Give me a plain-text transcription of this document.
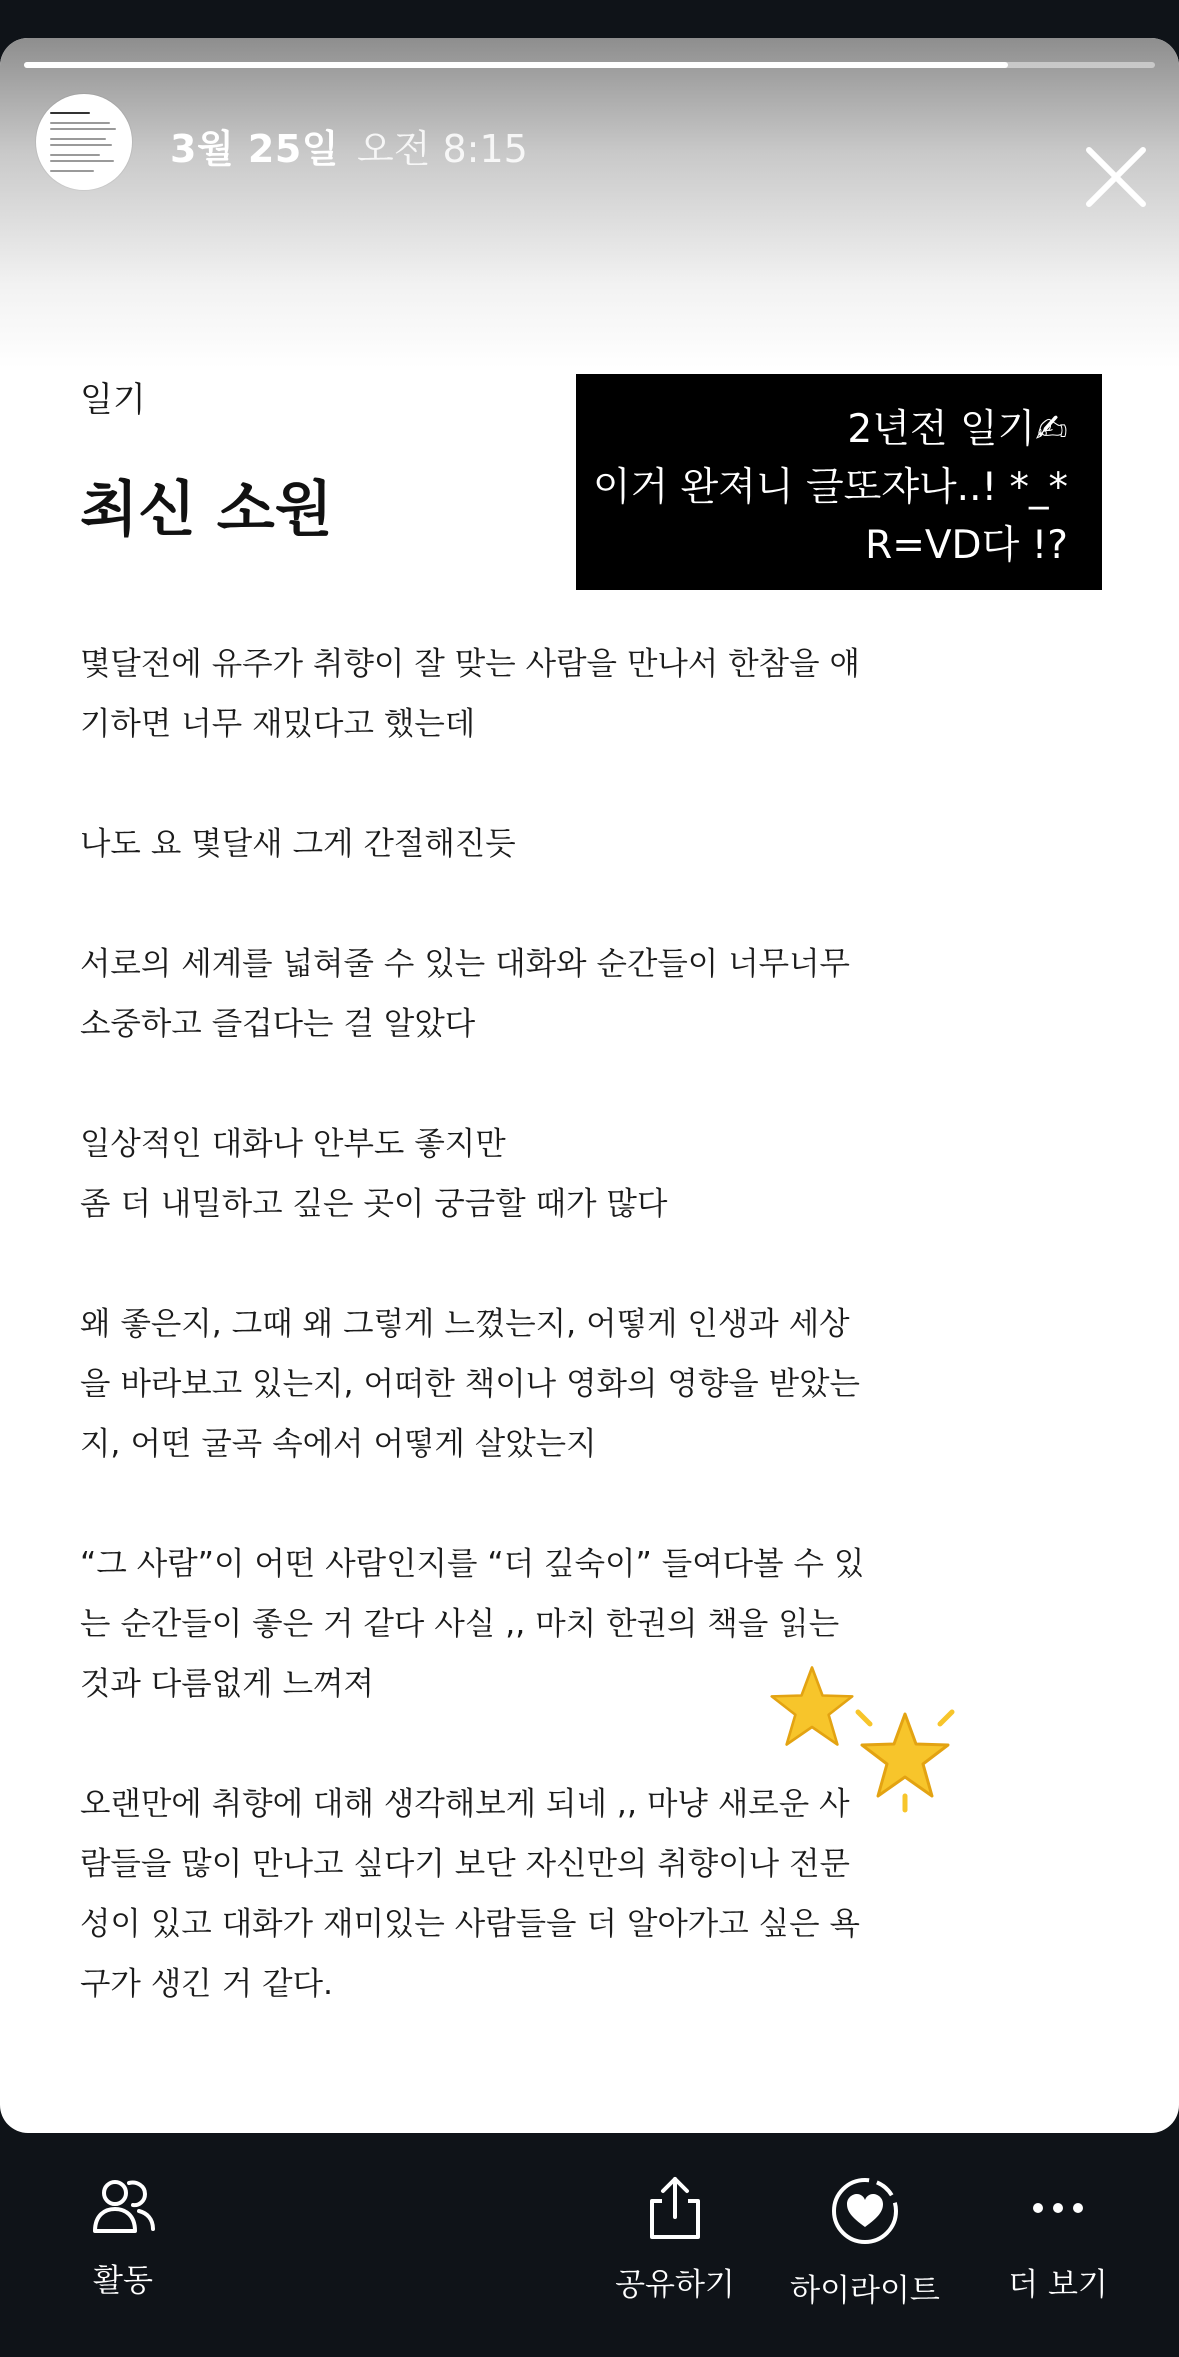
3월 25일 오전 8:15
일기
최신 소원
2년전 일기✍
이거 완져니 글또쟈나..! *_*
R=VD다 !?
몇달전에 유주가 취향이 잘 맞는 사람을 만나서 한참을 얘
기하면 너무 재밌다고 했는데
나도 요 몇달새 그게 간절해진듯
서로의 세계를 넓혀줄 수 있는 대화와 순간들이 너무너무
소중하고 즐겁다는 걸 알았다
일상적인 대화나 안부도 좋지만
좀 더 내밀하고 깊은 곳이 궁금할 때가 많다
왜 좋은지, 그때 왜 그렇게 느꼈는지, 어떻게 인생과 세상
을 바라보고 있는지, 어떠한 책이나 영화의 영향을 받았는
지, 어떤 굴곡 속에서 어떻게 살았는지
“그 사람”이 어떤 사람인지를 “더 깊숙이” 들여다볼 수 있
는 순간들이 좋은 거 같다 사실 ,, 마치 한권의 책을 읽는
것과 다름없게 느껴져
오랜만에 취향에 대해 생각해보게 되네 ,, 마냥 새로운 사
람들을 많이 만나고 싶다기 보단 자신만의 취향이나 전문
성이 있고 대화가 재미있는 사람들을 더 알아가고 싶은 욕
구가 생긴 거 같다.
활동	공유하기	하이라이트	더 보기
